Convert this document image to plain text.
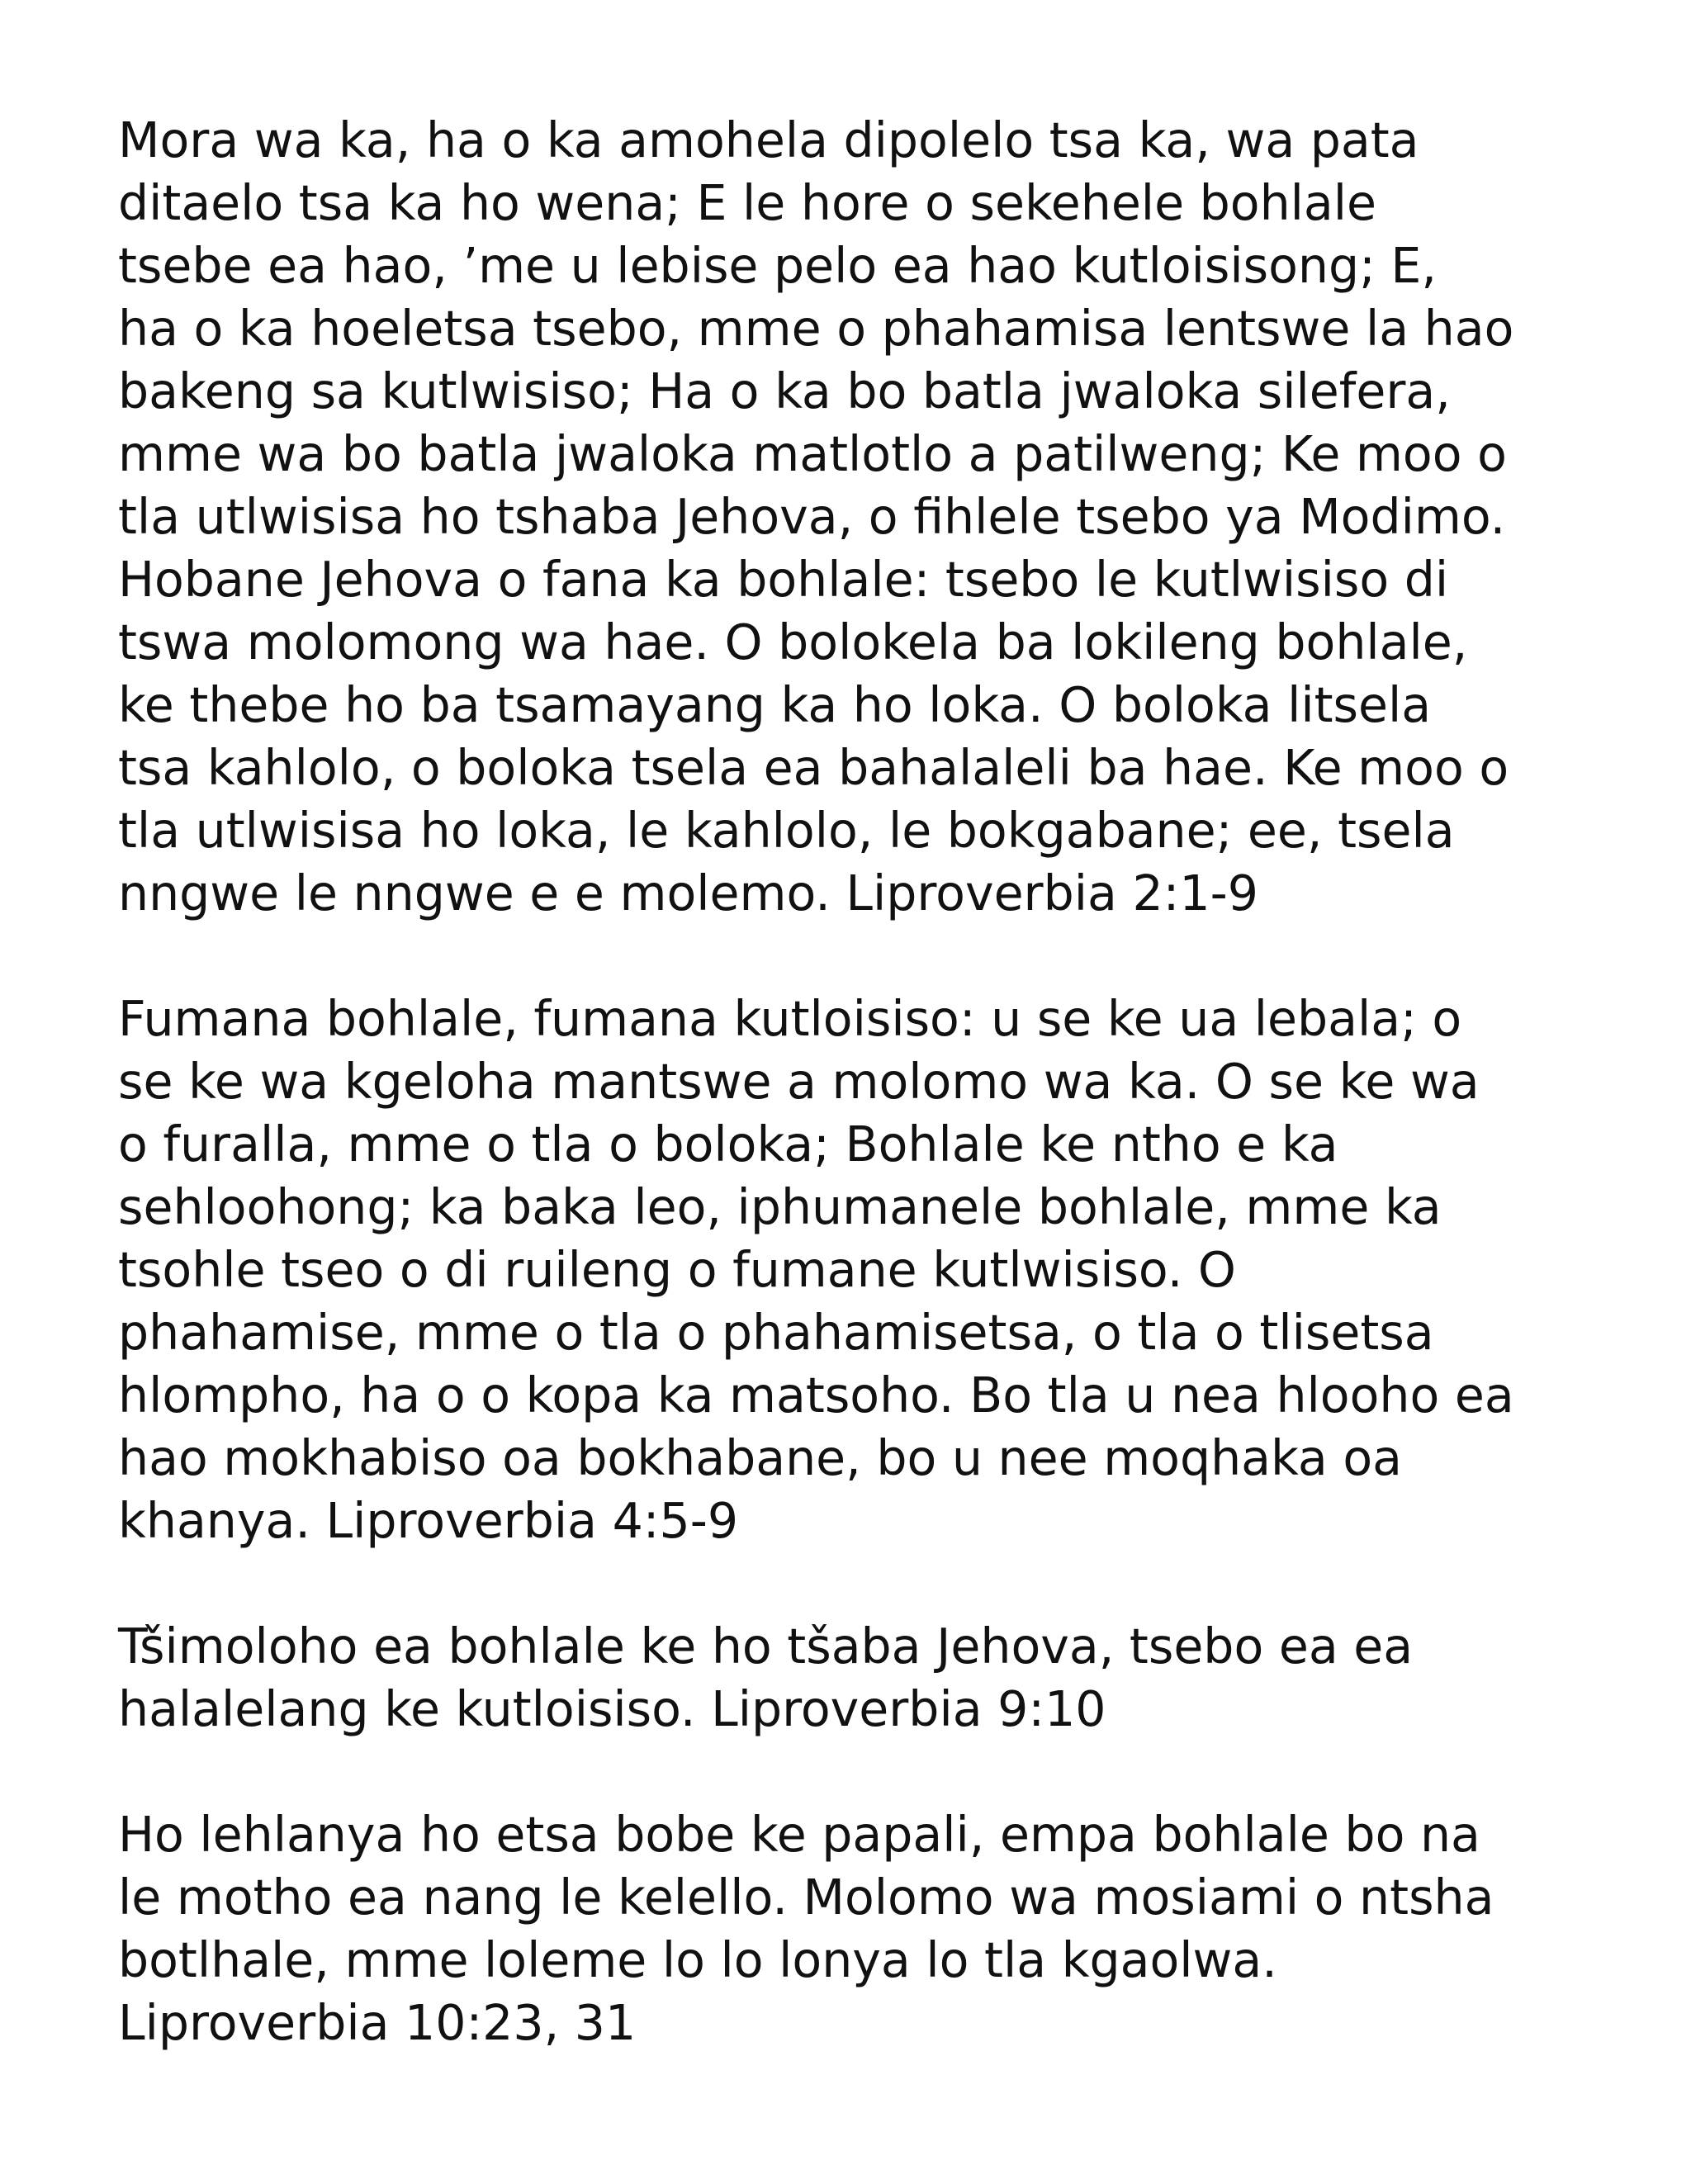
Mora wa ka, ha o ka amohela dipolelo tsa ka, wa pata
ditaelo tsa ka ho wena; E le hore o sekehele bohlale
tsebe ea hao, ’me u lebise pelo ea hao kutloisisong; E,
ha o ka hoeletsa tsebo, mme o phahamisa lentswe la hao
bakeng sa kutlwisiso; Ha o ka bo batla jwaloka silefera,
mme wa bo batla jwaloka matlotlo a patilweng; Ke moo o
tla utlwisisa ho tshaba Jehova, o fihlele tsebo ya Modimo.
Hobane Jehova o fana ka bohlale: tsebo le kutlwisiso di
tswa molomong wa hae. O bolokela ba lokileng bohlale,
ke thebe ho ba tsamayang ka ho loka. O boloka litsela
tsa kahlolo, o boloka tsela ea bahalaleli ba hae. Ke moo o
tla utlwisisa ho loka, le kahlolo, le bokgabane; ee, tsela
nngwe le nngwe e e molemo. Liproverbia 2:1-9

Fumana bohlale, fumana kutloisiso: u se ke ua lebala; o
se ke wa kgeloha mantswe a molomo wa ka. O se ke wa
o furalla, mme o tla o boloka; Bohlale ke ntho e ka
sehloohong; ka baka leo, iphumanele bohlale, mme ka
tsohle tseo o di ruileng o fumane kutlwisiso. O
phahamise, mme o tla o phahamisetsa, o tla o tlisetsa
hlompho, ha o o kopa ka matsoho. Bo tla u nea hlooho ea
hao mokhabiso oa bokhabane, bo u nee moqhaka oa
khanya. Liproverbia 4:5-9

Tšimoloho ea bohlale ke ho tšaba Jehova, tsebo ea ea
halalelang ke kutloisiso. Liproverbia 9:10

Ho lehlanya ho etsa bobe ke papali, empa bohlale bo na
le motho ea nang le kelello. Molomo wa mosiami o ntsha
botlhale, mme loleme lo lo lonya lo tla kgaolwa.
Liproverbia 10:23, 31
